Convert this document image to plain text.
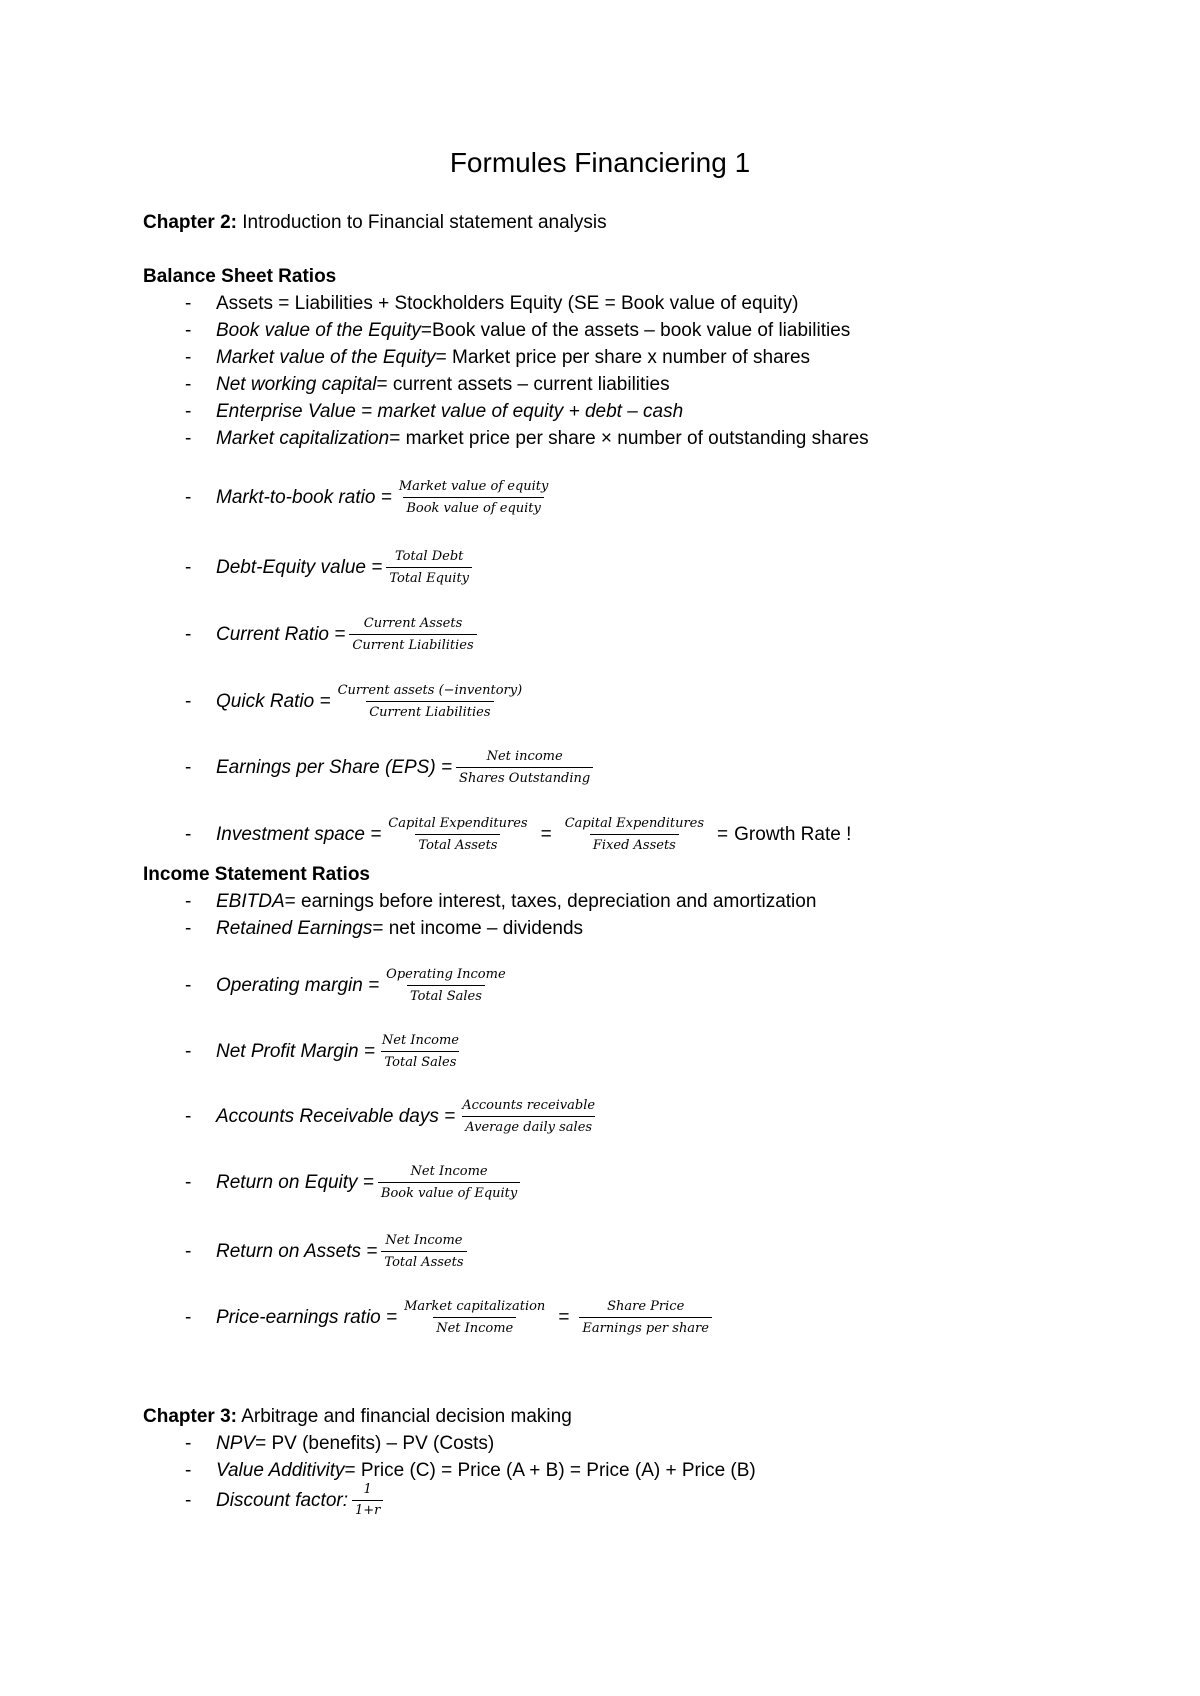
Formules Financiering 1
Chapter 2: Introduction to Financial statement analysis
Balance Sheet Ratios
-	Assets = Liabilities + Stockholders Equity (SE = Book value of equity)
-	Book value of the Equity =Book value of the assets – book value of liabilities
-	Market value of the Equity = Market price per share x number of shares
-	Net working capital = current assets – current liabilities
-	Enterprise Value = market value of equity + debt – cash
-	Market capitalization = market price per share × number of outstanding shares
-	Markt-to-book ratio = $\frac{\text{Market value of equity}}{\text{Book value of equity}}$
-	Debt-Equity value = $\frac{\text{Total Debt}}{\text{Total Equity}}$
-	Current Ratio = $\frac{\text{Current Assets}}{\text{Current Liabilities}}$
-	Quick Ratio = $\frac{\text{Current assets (−inventory)}}{\text{Current Liabilities}}$
-	Earnings per Share $(EPS) = \frac{\text{Net income}}{\text{Shares Outstanding}}$
-	Investment space = $\frac{\text{Capital Expenditures}}{\text{Total Assets}} = \frac{\text{Capital Expenditures}}{\text{Fixed Assets}}$ = Growth Rate !
Income Statement Ratios
-	EBITDA = earnings before interest, taxes, depreciation and amortization
-	Retained Earnings = net income – dividends
-	Operating margin = $\frac{\text{Operating Income}}{\text{Total Sales}}$
-	Net Profit Margin = $\frac{\text{Net Income}}{\text{Total Sales}}$
-	Accounts Receivable days = $\frac{\text{Accounts receivable}}{\text{Average daily sales}}$
-	Return on Equity = $\frac{\text{Net Income}}{\text{Book value of Equity}}$
-	Return on Assets = $\frac{\text{Net Income}}{\text{Total Assets}}$
-	Price-earnings ratio = $\frac{\text{Market capitalization}}{\text{Net Income}} = \frac{\text{Share Price}}{\text{Earnings per share}}$
Chapter 3: Arbitrage and financial decision making
-	NPV = PV (benefits) – PV (Costs)
-	Value Additivity = Price (C) = Price (A + B) = Price (A) + Price (B)
-	Discount factor: $\frac{1}{1+r}$
